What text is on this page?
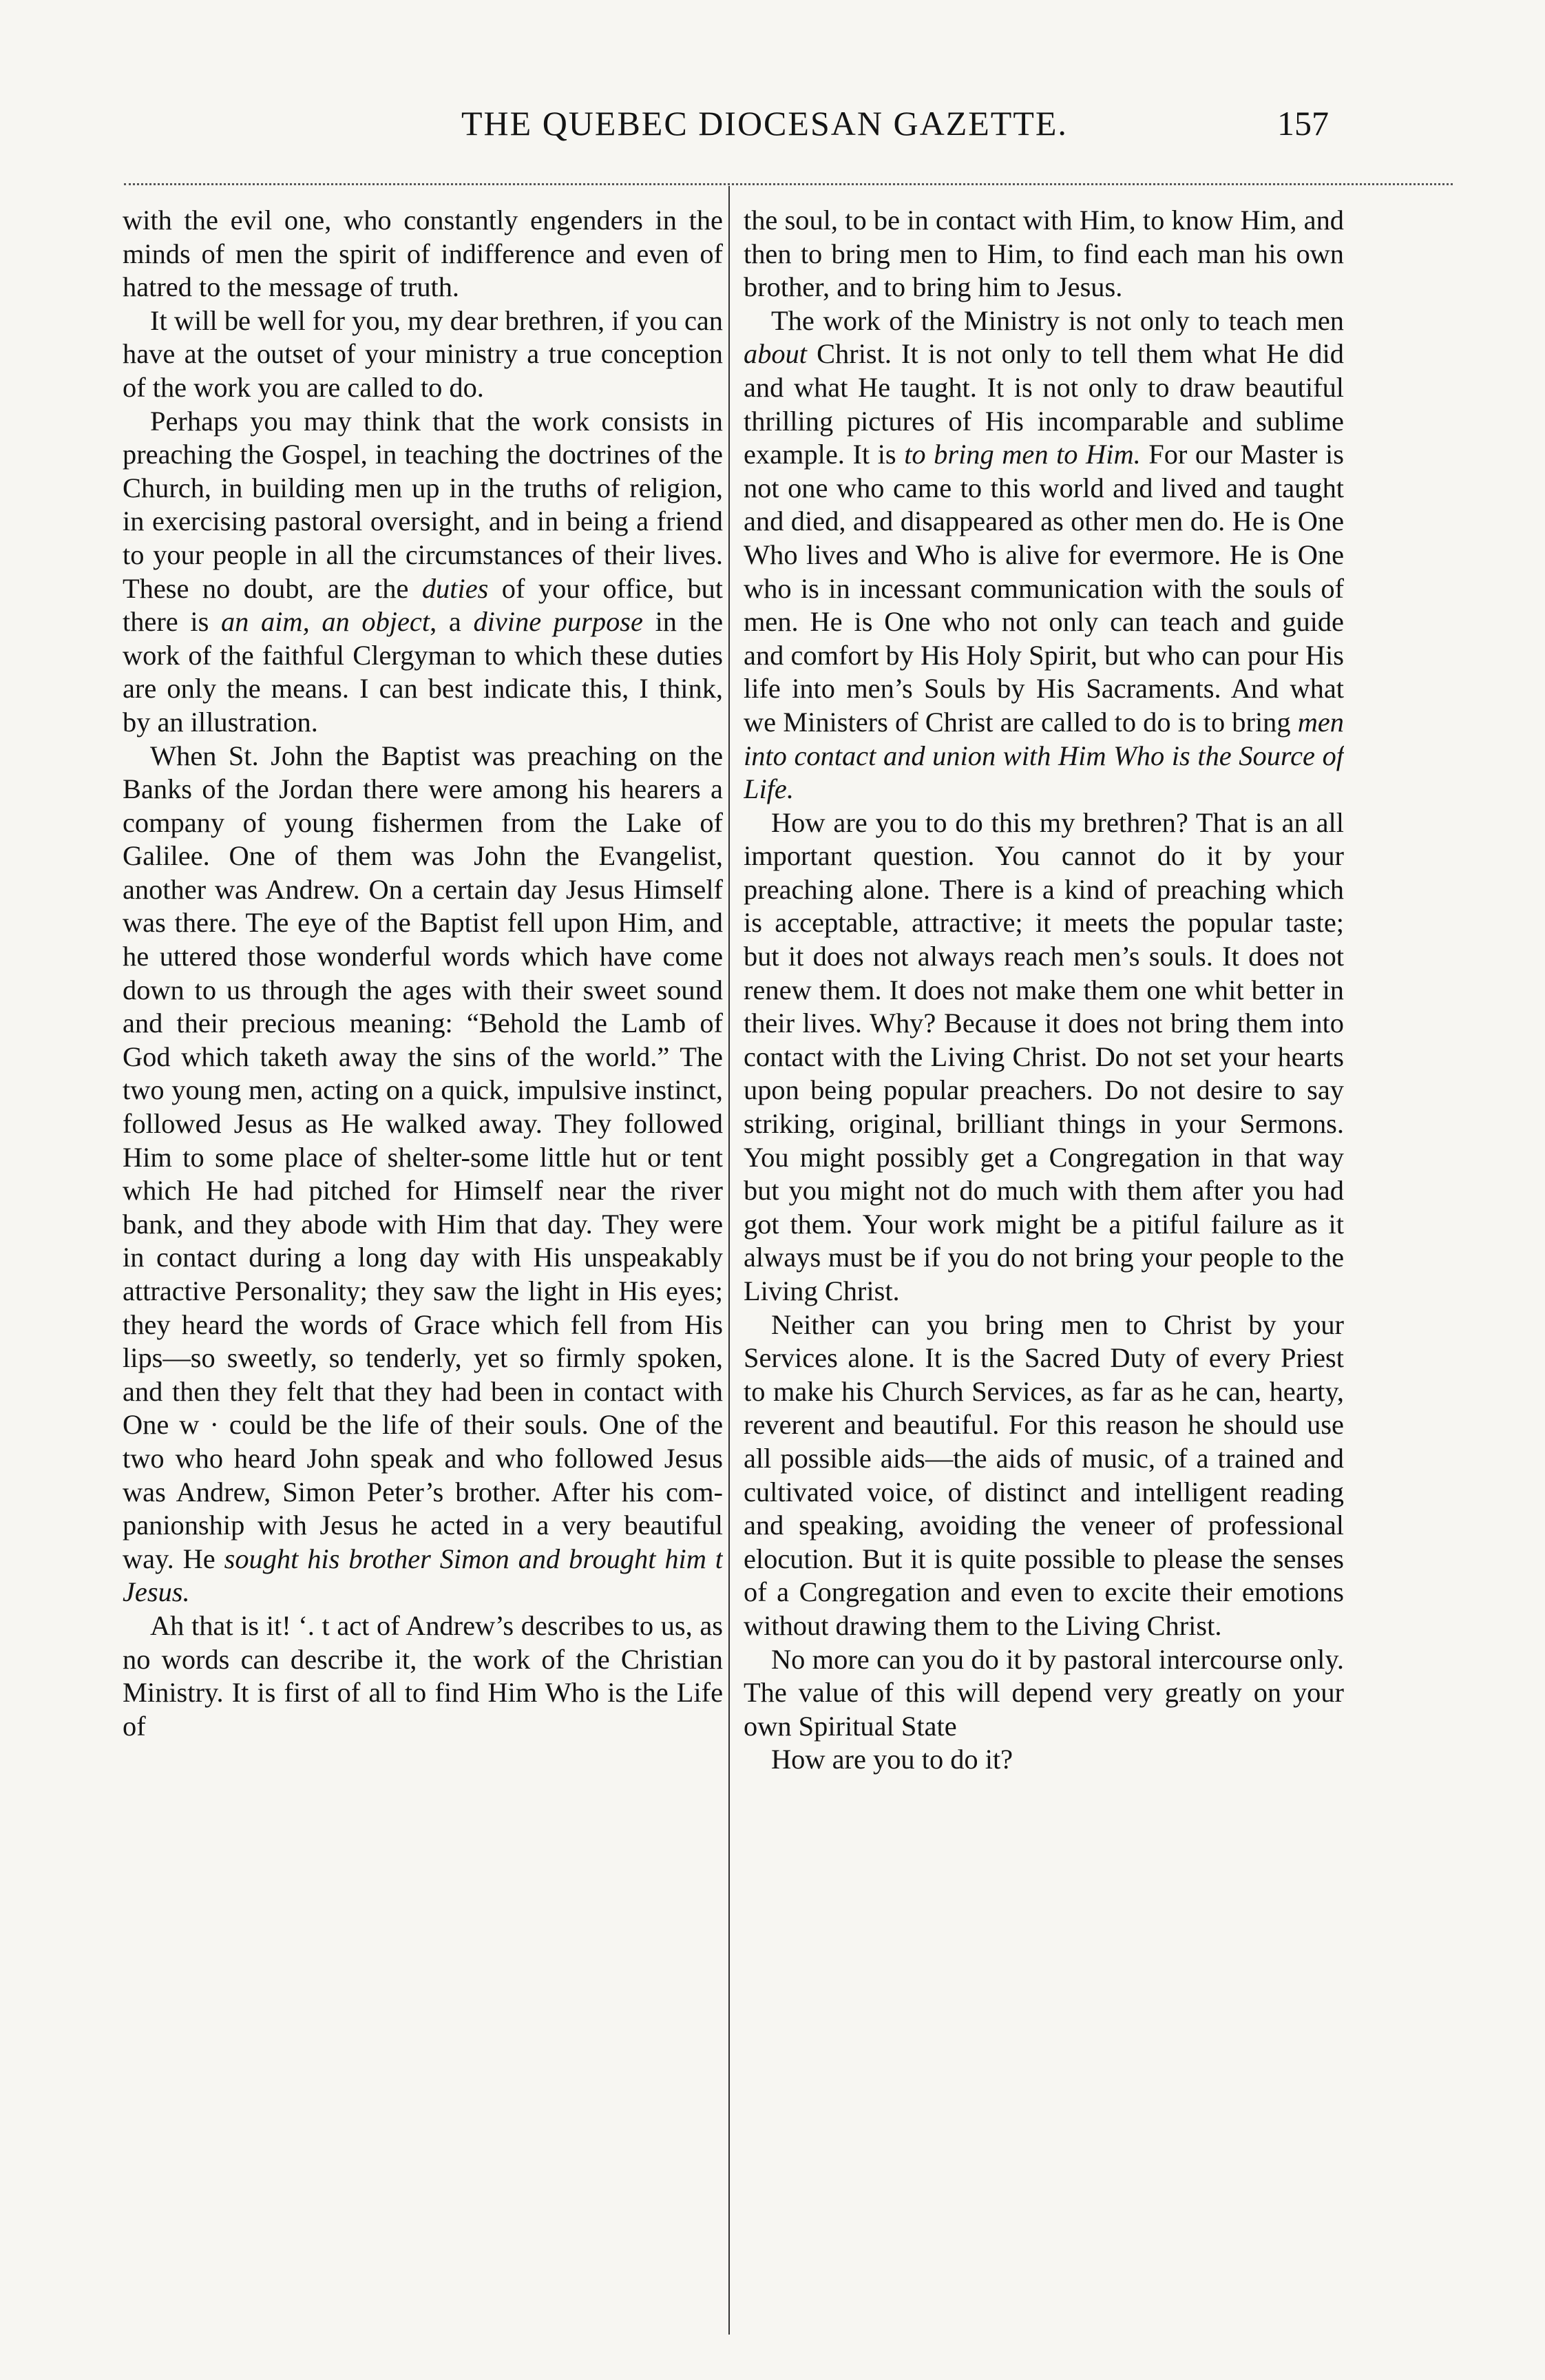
THE QUEBEC DIOCESAN GAZETTE.	157

with the evil one, who constantly engenders in the minds of men the spirit of indifference and even of hatred to the message of truth.

It will be well for you, my dear brethren, if you can have at the outset of your ministry a true conception of the work you are called to do.

Perhaps you may think that the work consists in preaching the Gospel, in teaching the doctrines of the Church, in building men up in the truths of religion, in exercising pastoral oversight, and in being a friend to your people in all the circumstances of their lives. These no doubt, are the duties of your office, but there is an aim, an object, a divine purpose in the work of the faithful Clergyman to which these duties are only the means. I can best indicate this, I think, by an illustration.

When St. John the Baptist was preaching on the Banks of the Jordan there were among his hearers a company of young fishermen from the Lake of Galilee. One of them was John the Evangelist, another was Andrew. On a certain day Jesus Himself was there. The eye of the Baptist fell upon Him, and he uttered those wonderful words which have come down to us through the ages with their sweet sound and their precious meaning: “Behold the Lamb of God which taketh away the sins of the world.” The two young men, acting on a quick, impulsive instinct, followed Jesus as He walked away. They followed Him to some place of shelter-some little hut or tent which He had pitched for Himself near the river bank, and they abode with Him that day. They were in contact during a long day with His unspeakably attractive Personality; they saw the light in His eyes; they heard the words of Grace which fell from His lips—so sweetly, so tenderly, yet so firmly spoken, and then they felt that they had been in contact with One w · could be the life of their souls. One of the two who heard John speak and who followed Jesus was Andrew, Simon Peter’s brother. After his companionship with Jesus he acted in a very beautiful way. He sought his brother Simon and brought him t Jesus.

Ah that is it! ‘. t act of Andrew’s describes to us, as no words can describe it, the work of the Christian Ministry. It is first of all to find Him Who is the Life of

the soul, to be in contact with Him, to know Him, and then to bring men to Him, to find each man his own brother, and to bring him to Jesus.

The work of the Ministry is not only to teach men about Christ. It is not only to tell them what He did and what He taught. It is not only to draw beautiful thrilling pictures of His incomparable and sublime example. It is to bring men to Him. For our Master is not one who came to this world and lived and taught and died, and disappeared as other men do. He is One Who lives and Who is alive for evermore. He is One who is in incessant communication with the souls of men. He is One who not only can teach and guide and comfort by His Holy Spirit, but who can pour His life into men’s Souls by His Sacraments. And what we Ministers of Christ are called to do is to bring men into contact and union with Him Who is the Source of Life.

How are you to do this my brethren? That is an all important question. You cannot do it by your preaching alone. There is a kind of preaching which is acceptable, attractive; it meets the popular taste; but it does not always reach men’s souls. It does not renew them. It does not make them one whit better in their lives. Why? Because it does not bring them into contact with the Living Christ. Do not set your hearts upon being popular preachers. Do not desire to say striking, original, brilliant things in your Sermons. You might possibly get a Congregation in that way but you might not do much with them after you had got them. Your work might be a pitiful failure as it always must be if you do not bring your people to the Living Christ.

Neither can you bring men to Christ by your Services alone. It is the Sacred Duty of every Priest to make his Church Services, as far as he can, hearty, reverent and beautiful. For this reason he should use all possible aids—the aids of music, of a trained and cultivated voice, of distinct and intelligent reading and speaking, avoiding the veneer of professional elocution. But it is quite possible to please the senses of a Congregation and even to excite their emotions without drawing them to the Living Christ.

No more can you do it by pastoral intercourse only. The value of this will depend very greatly on your own Spiritual State

How are you to do it?
